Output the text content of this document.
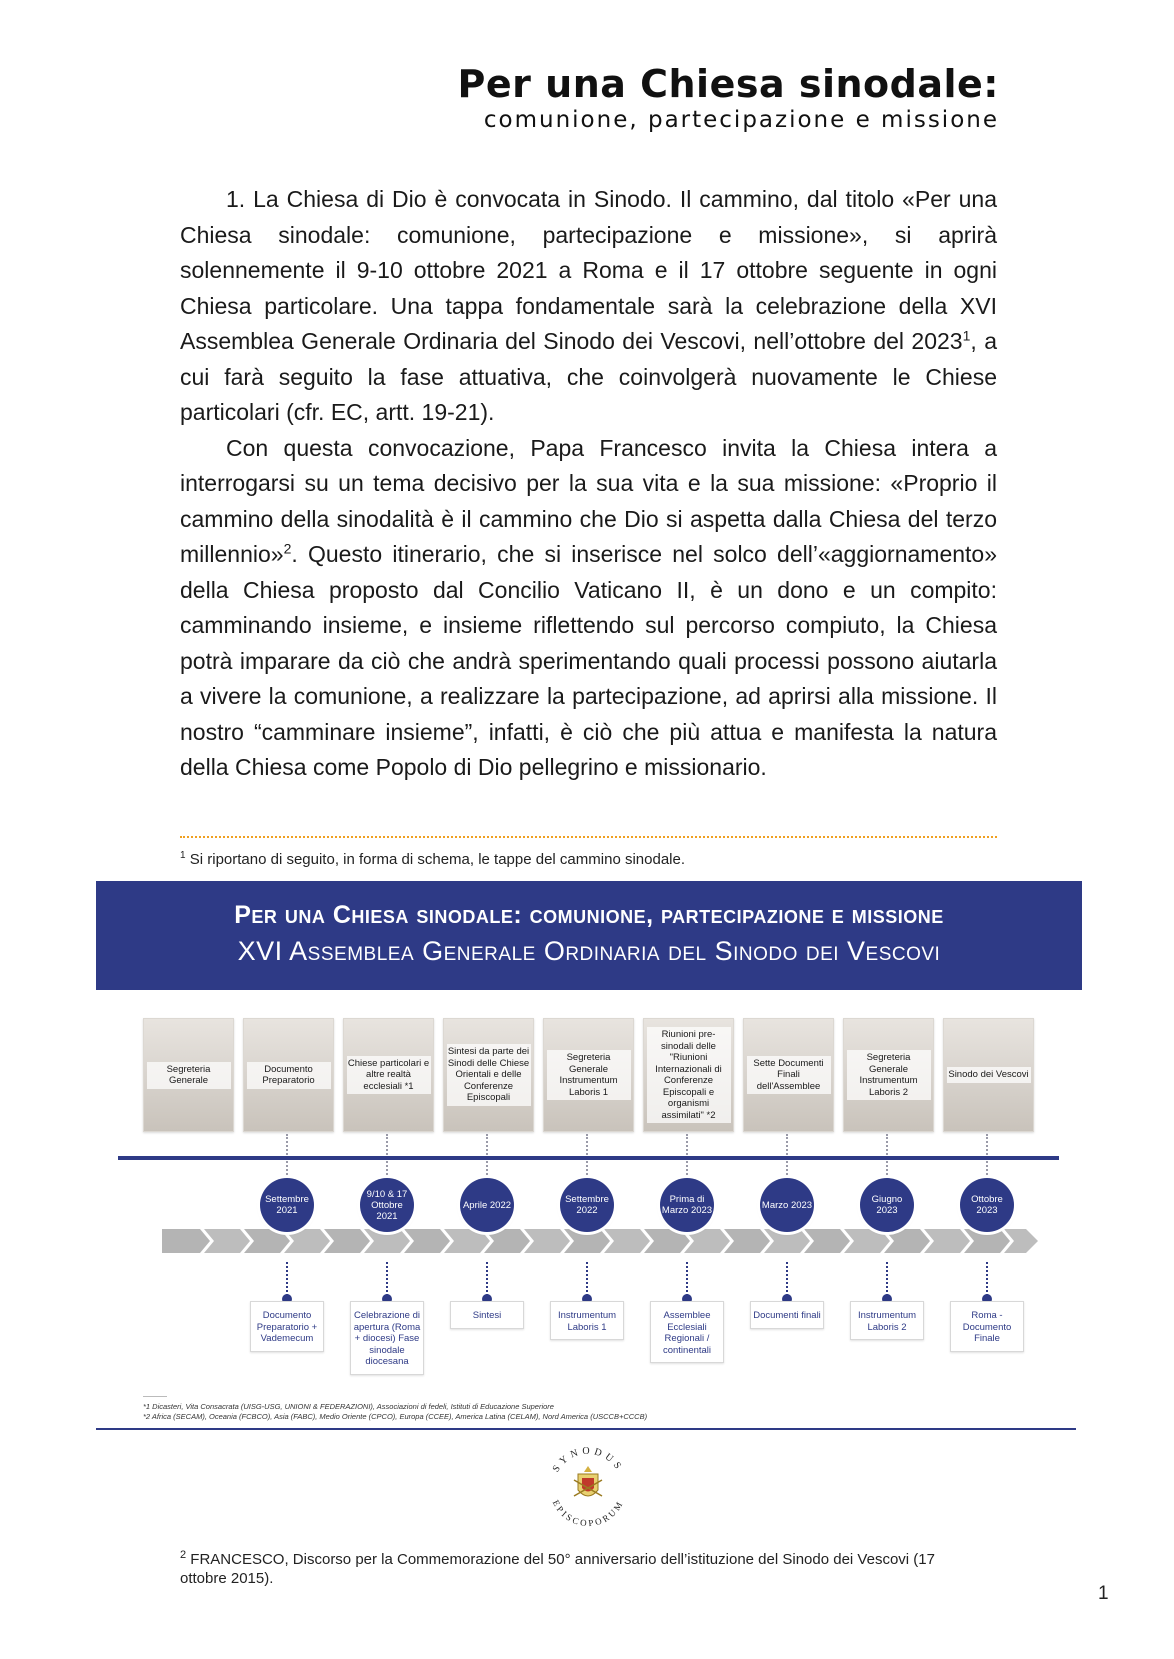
Per una Chiesa sinodale:
comunione, partecipazione e missione

1. La Chiesa di Dio è convocata in Sinodo. Il cammino, dal titolo «Per una Chiesa sinodale: comunione, partecipazione e missione», si aprirà solennemente il 9-10 ottobre 2021 a Roma e il 17 ottobre seguente in ogni Chiesa particolare. Una tappa fondamentale sarà la celebrazione della XVI Assemblea Generale Ordinaria del Sinodo dei Vescovi, nell’ottobre del 2023$^1$, a cui farà seguito la fase attuativa, che coinvolgerà nuovamente le Chiese particolari (cfr. EC, artt. 19-21).

Con questa convocazione, Papa Francesco invita la Chiesa intera a interrogarsi su un tema decisivo per la sua vita e la sua missione: «Proprio il cammino della sinodalità è il cammino che Dio si aspetta dalla Chiesa del terzo millennio»$^2$. Questo itinerario, che si inserisce nel solco dell’«aggiornamento» della Chiesa proposto dal Concilio Vaticano II, è un dono e un compito: camminando insieme, e insieme riflettendo sul percorso compiuto, la Chiesa potrà imparare da ciò che andrà sperimentando quali processi possono aiutarla a vivere la comunione, a realizzare la partecipazione, ad aprirsi alla missione. Il nostro “camminare insieme”, infatti, è ciò che più attua e manifesta la natura della Chiesa come Popolo di Dio pellegrino e missionario.

$^1$ Si riportano di seguito, in forma di schema, le tappe del cammino sinodale.
Per una Chiesa sinodale: comunione, partecipazione e missione
XVI Assemblea Generale Ordinaria del Sinodo dei Vescovi
Segreteria Generale
Documento Preparatorio
Chiese particolari e altre realtà ecclesiali *1
Sintesi da parte dei Sinodi delle Chiese Orientali e delle Conferenze Episcopali
Segreteria Generale Instrumentum Laboris 1
Riunioni pre-sinodali delle "Riunioni Internazionali di Conferenze Episcopali e organismi assimilati" *2
Sette Documenti Finali dell'Assemblee
Segreteria Generale Instrumentum Laboris 2
Sinodo dei Vescovi
Settembre 2021
9/10 & 17 Ottobre 2021
Aprile 2022	Settembre 2022
Prima di Marzo 2023	Marzo 2023	Giugno 2023
Ottobre 2023
Documento Preparatorio + Vademecum
Celebrazione di apertura (Roma + diocesi) Fase sinodale diocesana
Sintesi	Instrumentum Laboris 1
Assemblee Ecclesiali Regionali / continentali
Documenti finali	Instrumentum Laboris 2
Roma - Documento Finale
*1 Dicasteri, Vita Consacrata (UISG-USG, UNIONI & FEDERAZIONI), Associazioni di fedeli, Istituti di Educazione Superiore
*2 Africa (SECAM), Oceania (FCBCO), Asia (FABC), Medio Oriente (CPCO), Europa (CCEE), America Latina (CELAM), Nord America (USCCB+CCCB)
SYNODUS
EPISCOPORUM
$^2$ FRANCESCO, Discorso per la Commemorazione del 50° anniversario dell’istituzione del Sinodo dei Vescovi (17 ottobre 2015).
1
